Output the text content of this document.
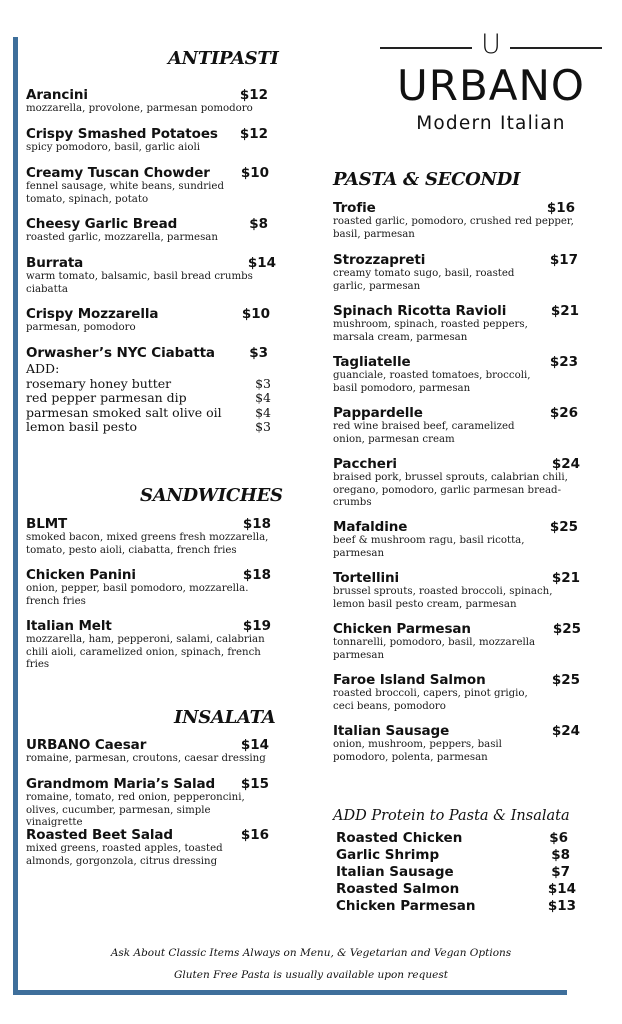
U
URBANO
Modern Italian
ANTIPASTI
Arancini	$12
mozzarella, provolone, parmesan pomodoro
Crispy Smashed Potatoes $12
spicy pomodoro, basil, garlic aioli
Creamy Tuscan Chowder $10
fennel sausage, white beans, sundried tomato, spinach, potato
Cheesy Garlic Bread	$8
roasted garlic, mozzarella, parmesan
Burrata	$14
warm tomato, balsamic, basil bread crumbs ciabatta
Crispy Mozzarella	$10
parmesan, pomodoro
Orwasher’s NYC Ciabatta	$3
ADD:
rosemary honey butter	$3
red pepper parmesan dip	$4
parmesan smoked salt olive oil	$4
lemon basil pesto	$3
SANDWICHES
BLMT	$18
smoked bacon, mixed greens fresh mozzarella, tomato, pesto aioli, ciabatta, french fries
Chicken Panini	$18
onion, pepper, basil pomodoro, mozzarella. french fries
Italian Melt	$19
mozzarella, ham, pepperoni, salami, calabrian chili aioli, caramelized onion, spinach, french fries
INSALATA
URBANO Caesar	$14
romaine, parmesan, croutons, caesar dressing
Grandmom Maria’s Salad $15
romaine, tomato, red onion, pepperoncini, olives, cucumber, parmesan, simple vinaigrette
Roasted Beet Salad	$16
mixed greens, roasted apples, toasted almonds, gorgonzola, citrus dressing
PASTA & SECONDI
Trofie	$16
roasted garlic, pomodoro, crushed red pepper, basil, parmesan
Strozzapreti	$17
creamy tomato sugo, basil, roasted garlic, parmesan
Spinach Ricotta Ravioli	$21
mushroom, spinach, roasted peppers, marsala cream, parmesan
Tagliatelle	$23
guanciale, roasted tomatoes, broccoli, basil pomodoro, parmesan
Pappardelle	$26
red wine braised beef, caramelized onion, parmesan cream
Paccheri	$24
braised pork, brussel sprouts, calabrian chili, oregano, pomodoro, garlic parmesan bread-crumbs
Mafaldine	$25
beef & mushroom ragu, basil ricotta, parmesan
Tortellini	$21
brussel sprouts, roasted broccoli, spinach, lemon basil pesto cream, parmesan
Chicken Parmesan	$25
tonnarelli, pomodoro, basil, mozzarella parmesan
Faroe Island Salmon	$25
roasted broccoli, capers, pinot grigio, ceci beans, pomodoro
Italian Sausage	$24
onion, mushroom, peppers, basil pomodoro, polenta, parmesan
ADD Protein to Pasta & Insalata
Roasted Chicken	$6
Garlic Shrimp	$8
Italian Sausage	$7
Roasted Salmon	$14
Chicken Parmesan	$13
Ask About Classic Items Always on Menu, & Vegetarian and Vegan Options
Gluten Free Pasta is usually available upon request
